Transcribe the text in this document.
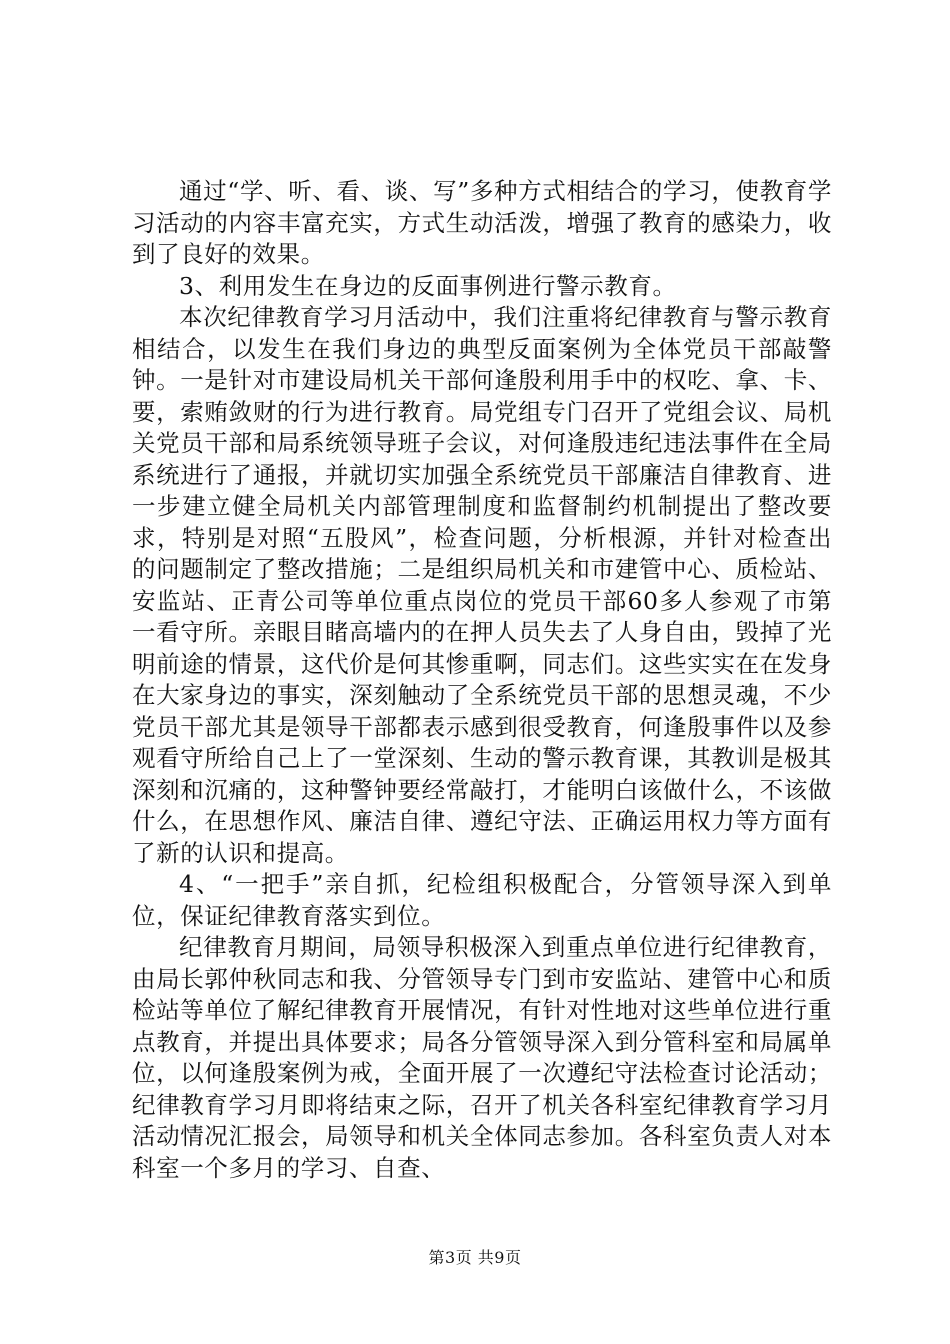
通过“学、听、看、谈、写”多种方式相结合的学习，使教育学习活动的内容丰富充实，方式生动活泼，增强了教育的感染力，收到了良好的效果。

3、利用发生在身边的反面事例进行警示教育。

本次纪律教育学习月活动中，我们注重将纪律教育与警示教育相结合，以发生在我们身边的典型反面案例为全体党员干部敲警钟。一是针对市建设局机关干部何逢殷利用手中的权吃、拿、卡、要，索贿敛财的行为进行教育。局党组专门召开了党组会议、局机关党员干部和局系统领导班子会议，对何逢殷违纪违法事件在全局系统进行了通报，并就切实加强全系统党员干部廉洁自律教育、进一步建立健全局机关内部管理制度和监督制约机制提出了整改要求，特别是对照“五股风”，检查问题，分析根源，并针对检查出的问题制定了整改措施；二是组织局机关和市建管中心、质检站、安监站、正青公司等单位重点岗位的党员干部60多人参观了市第一看守所。亲眼目睹高墙内的在押人员失去了人身自由，毁掉了光明前途的情景，这代价是何其惨重啊，同志们。这些实实在在发身在大家身边的事实，深刻触动了全系统党员干部的思想灵魂，不少党员干部尤其是领导干部都表示感到很受教育，何逢殷事件以及参观看守所给自己上了一堂深刻、生动的警示教育课，其教训是极其深刻和沉痛的，这种警钟要经常敲打，才能明白该做什么，不该做什么，在思想作风、廉洁自律、遵纪守法、正确运用权力等方面有了新的认识和提高。

4、“一把手”亲自抓，纪检组积极配合，分管领导深入到单位，保证纪律教育落实到位。

纪律教育月期间，局领导积极深入到重点单位进行纪律教育，由局长郭仲秋同志和我、分管领导专门到市安监站、建管中心和质检站等单位了解纪律教育开展情况，有针对性地对这些单位进行重点教育，并提出具体要求；局各分管领导深入到分管科室和局属单位，以何逢殷案例为戒，全面开展了一次遵纪守法检查讨论活动；纪律教育学习月即将结束之际，召开了机关各科室纪律教育学习月活动情况汇报会，局领导和机关全体同志参加。各科室负责人对本科室一个多月的学习、自查、

第3页 共9页
